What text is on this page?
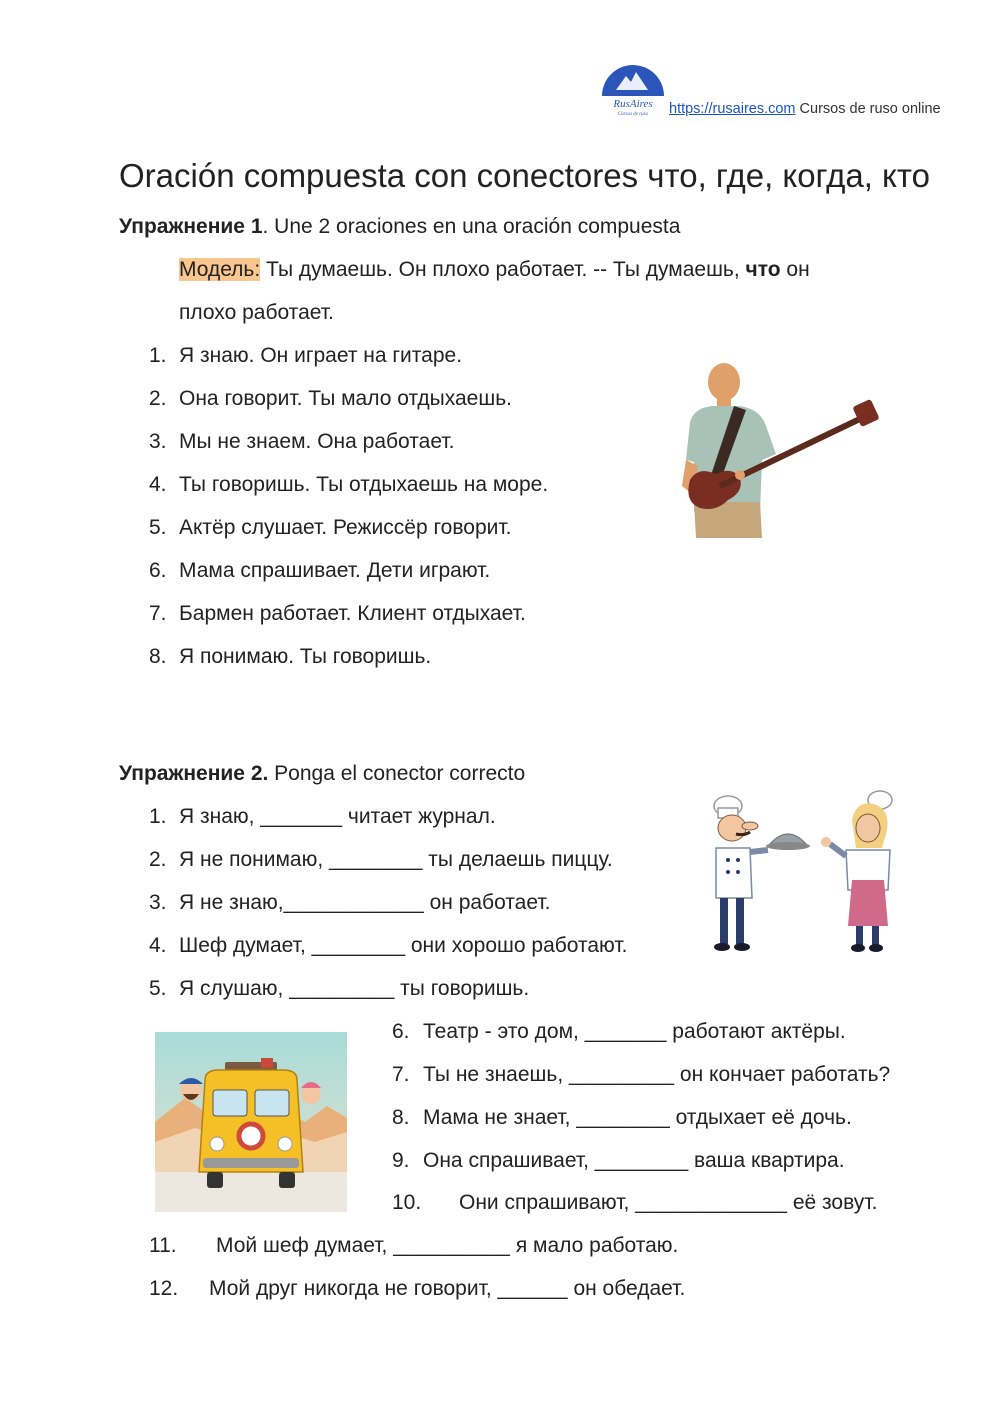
RusAires
Cursos de ruso https://rusaires.com Cursos de ruso online
Oración compuesta con conectores что, где, когда, кто
Упражнение 1. Une 2 oraciones en una oración compuesta
Модель: Ты думаешь. Он плохо работает. -- Ты думаешь, что он
плохо работает.
1. Я знаю. Он играет на гитаре.
2. Она говорит. Ты мало отдыхаешь.
3. Мы не знаем. Она работает.
4. Ты говоришь. Ты отдыхаешь на море.
5. Актёр слушает. Режиссёр говорит.
6. Мама спрашивает. Дети играют.
7. Бармен работает. Клиент отдыхает.
8. Я понимаю. Ты говоришь.
Упражнение 2. Ponga el conector correcto
1. Я знаю, _______ читает журнал.
2. Я не понимаю, ________ ты делаешь пиццу.
3. Я не знаю,____________ он работает.
4. Шеф думает, ________ они хорошо работают.
5. Я слушаю, _________ ты говоришь.
6. Театр - это дом, _______ работают актёры.
7. Ты не знаешь, _________ он кончает работать?
8. Мама не знает, ________ отдыхает её дочь.
9. Она спрашивает, ________ ваша квартира.
10. Они спрашивают, _____________ её зовут.
11. Мой шеф думает, __________ я мало работаю.
12. Мой друг никогда не говорит, ______ он обедает.
